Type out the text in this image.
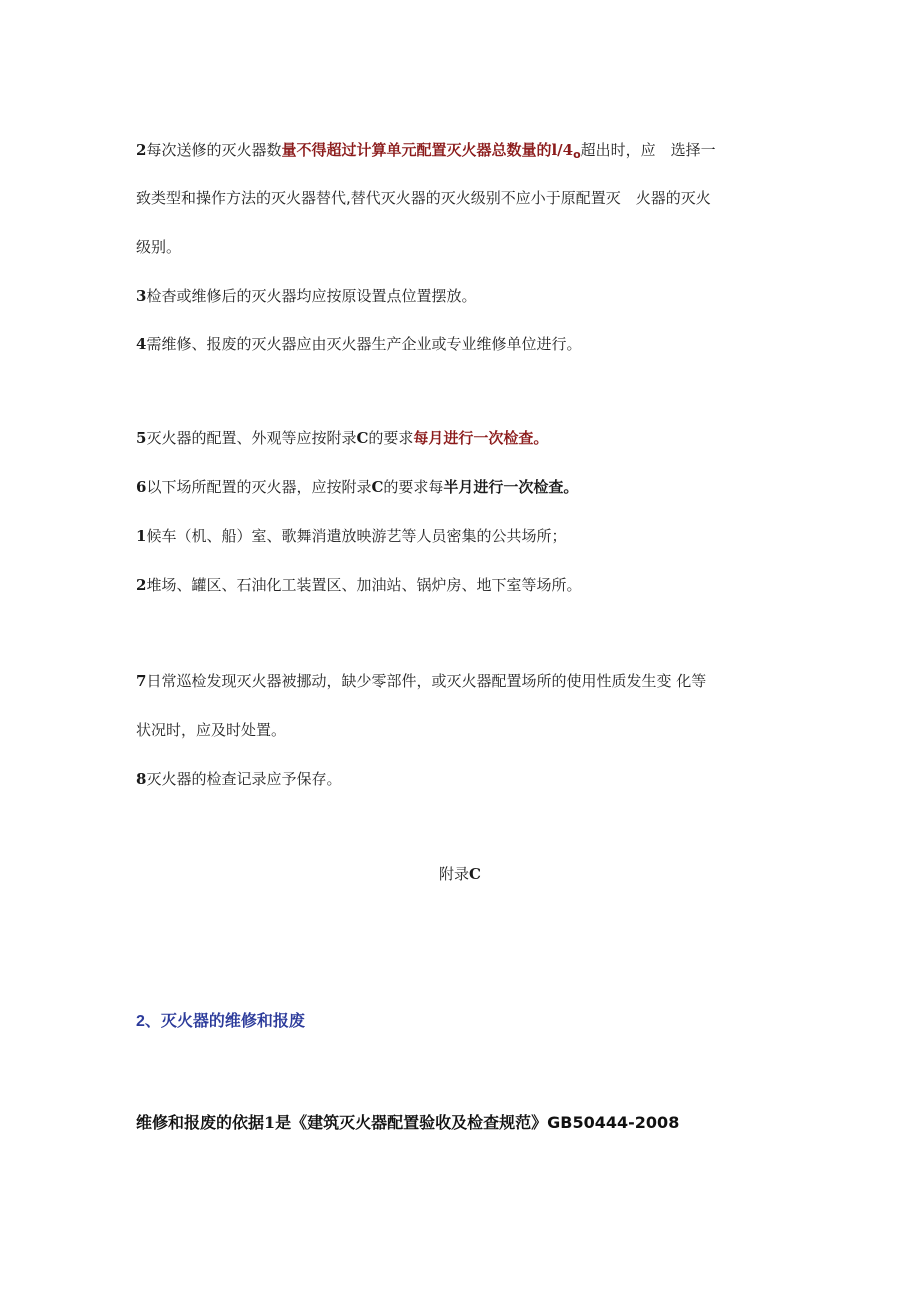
2每次送修的灭火器数量不得超过计算单元配置灭火器总数量的$l/4_o$超出时，应　选择一
致类型和操作方法的灭火器替代,替代灭火器的灭火级别不应小于原配置灭　火器的灭火
级别。
3检杳或维修后的灭火器均应按原设置点位置摆放。
4需维修、报废的灭火器应由灭火器生产企业或专业维修单位进行。
5灭火器的配置、外观等应按附录C的要求每月进行一次检查。
6以下场所配置的灭火器，应按附录C的要求每半月进行一次检查。
1候车（机、船）室、歌舞消遣放映游艺等人员密集的公共场所；
2堆场、罐区、石油化工装置区、加油站、锅炉房、地下室等场所。
7日常巡检发现灭火器被挪动，缺少零部件，或灭火器配置场所的使用性质发生变 化等
状况时，应及时处置。
8灭火器的检查记录应予保存。
附录C
2、灭火器的维修和报废
维修和报废的依据1是《建筑灭火器配置验收及检查规范》GB50444-2008
